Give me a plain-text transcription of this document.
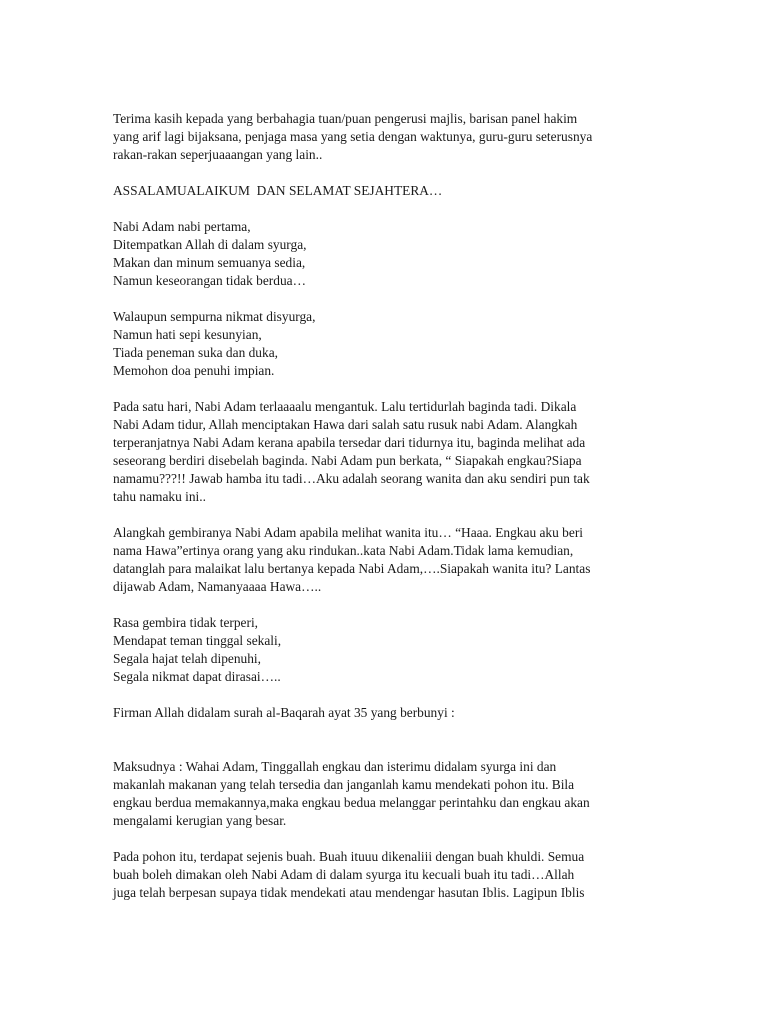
Terima kasih kepada yang berbahagia tuan/puan pengerusi majlis, barisan panel hakim
yang arif lagi bijaksana, penjaga masa yang setia dengan waktunya, guru-guru seterusnya
rakan-rakan seperjuaaangan yang lain..
ASSALAMUALAIKUM  DAN SELAMAT SEJAHTERA…
Nabi Adam nabi pertama,
Ditempatkan Allah di dalam syurga,
Makan dan minum semuanya sedia,
Namun keseorangan tidak berdua…
Walaupun sempurna nikmat disyurga,
Namun hati sepi kesunyian,
Tiada peneman suka dan duka,
Memohon doa penuhi impian.
Pada satu hari, Nabi Adam terlaaaalu mengantuk. Lalu tertidurlah baginda tadi. Dikala
Nabi Adam tidur, Allah menciptakan Hawa dari salah satu rusuk nabi Adam. Alangkah
terperanjatnya Nabi Adam kerana apabila tersedar dari tidurnya itu, baginda melihat ada
seseorang berdiri disebelah baginda. Nabi Adam pun berkata, “ Siapakah engkau?Siapa
namamu???!! Jawab hamba itu tadi…Aku adalah seorang wanita dan aku sendiri pun tak
tahu namaku ini..
Alangkah gembiranya Nabi Adam apabila melihat wanita itu… “Haaa. Engkau aku beri
nama Hawa”ertinya orang yang aku rindukan..kata Nabi Adam.Tidak lama kemudian,
datanglah para malaikat lalu bertanya kepada Nabi Adam,….Siapakah wanita itu? Lantas
dijawab Adam, Namanyaaaa Hawa…..
Rasa gembira tidak terperi,
Mendapat teman tinggal sekali,
Segala hajat telah dipenuhi,
Segala nikmat dapat dirasai…..
Firman Allah didalam surah al-Baqarah ayat 35 yang berbunyi :
Maksudnya : Wahai Adam, Tinggallah engkau dan isterimu didalam syurga ini dan
makanlah makanan yang telah tersedia dan janganlah kamu mendekati pohon itu. Bila
engkau berdua memakannya,maka engkau bedua melanggar perintahku dan engkau akan
mengalami kerugian yang besar.
Pada pohon itu, terdapat sejenis buah. Buah ituuu dikenaliii dengan buah khuldi. Semua
buah boleh dimakan oleh Nabi Adam di dalam syurga itu kecuali buah itu tadi…Allah
juga telah berpesan supaya tidak mendekati atau mendengar hasutan Iblis. Lagipun Iblis
